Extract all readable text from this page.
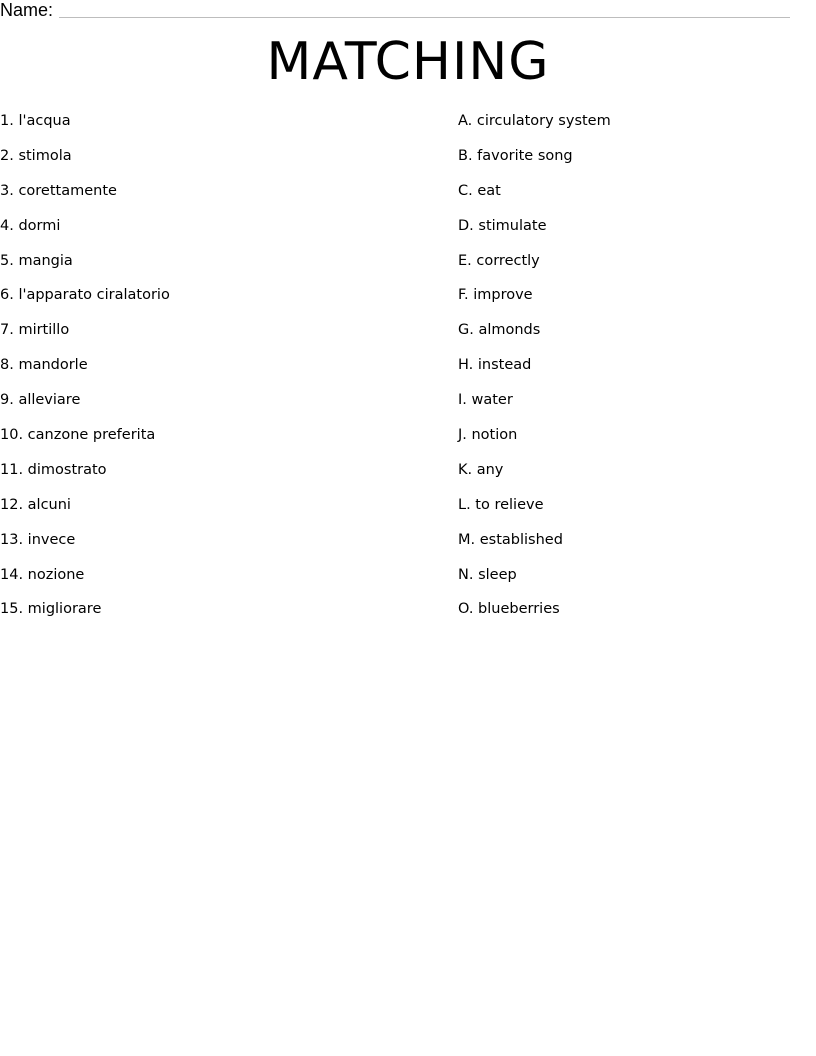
Name:
MATCHING
1. l'acqua
2. stimola
3. corettamente
4. dormi
5. mangia
6. l'apparato ciralatorio
7. mirtillo
8. mandorle
9. alleviare
10. canzone preferita
11. dimostrato
12. alcuni
13. invece
14. nozione
15. migliorare
A. circulatory system
B. favorite song
C. eat
D. stimulate
E. correctly
F. improve
G. almonds
H. instead
I. water
J. notion
K. any
L. to relieve
M. established
N. sleep
O. blueberries
